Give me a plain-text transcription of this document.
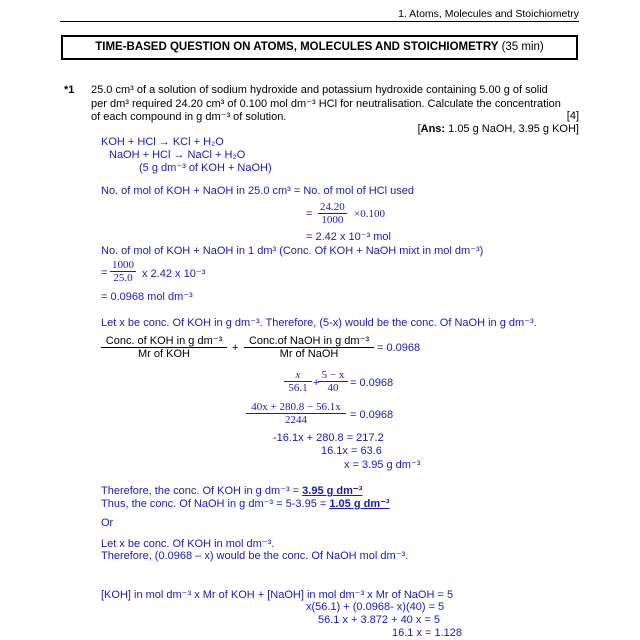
1. Atoms, Molecules and Stoichiometry
TIME-BASED QUESTION ON ATOMS, MOLECULES AND STOICHIOMETRY (35 min)
*1 25.0 cm³ of a solution of sodium hydroxide and potassium hydroxide containing 5.00 g of solid
per dm³ required 24.20 cm³ of 0.100 mol dm⁻³ HCl for neutralisation. Calculate the concentration
of each compound in g dm⁻³ of solution.	[4]
[Ans: 1.05 g NaOH, 3.95 g KOH]
KOH + HCl → KCl + H₂O
NaOH + HCl → NaCl + H₂O
(5 g dm⁻³ of KOH + NaOH)
No. of mol of KOH + NaOH in 25.0 cm³ = No. of mol of HCl used
= $\frac{24.20}{1000} \times 0.100$
= 2.42 x 10⁻³ mol
No. of mol of KOH + NaOH in 1 dm³ (Conc. Of KOH + NaOH mixt in mol dm⁻³)
= $\frac{1000}{25.0}$ x 2.42 x 10⁻³
= 0.0968 mol dm⁻³
Let x be conc. Of KOH in g dm⁻³. Therefore, (5-x) would be the conc. Of NaOH in g dm⁻³.
Conc. of KOH in g dm⁻³
Mr of KOH	+
Conc.of NaOH in g dm⁻³
Mr of NaOH	= 0.0968
$\frac{x}{56.1}$ +
$\frac{5 - x}{40} = 0.0968$
$\frac{40x + 280.8 - 56.1x}{2244} = 0.0968$
-16.1x + 280.8 = 217.2
16.1x = 63.6
x = 3.95 g dm⁻³
Therefore, the conc. Of KOH in g dm⁻³ = 3.95 g dm⁻³
Thus, the conc. Of NaOH in g dm⁻³ = 5-3.95 = 1.05 g dm⁻³
Or
Let x be conc. Of KOH in mol dm⁻³.
Therefore, (0.0968 – x) would be the conc. Of NaOH mol dm⁻³.
[KOH] in mol dm⁻³ x Mr of KOH + [NaOH] in mol dm⁻³ x Mr of NaOH = 5
x(56.1) + (0.0968- x)(40) = 5
56.1 x + 3.872 + 40 x = 5
16.1 x = 1.128
